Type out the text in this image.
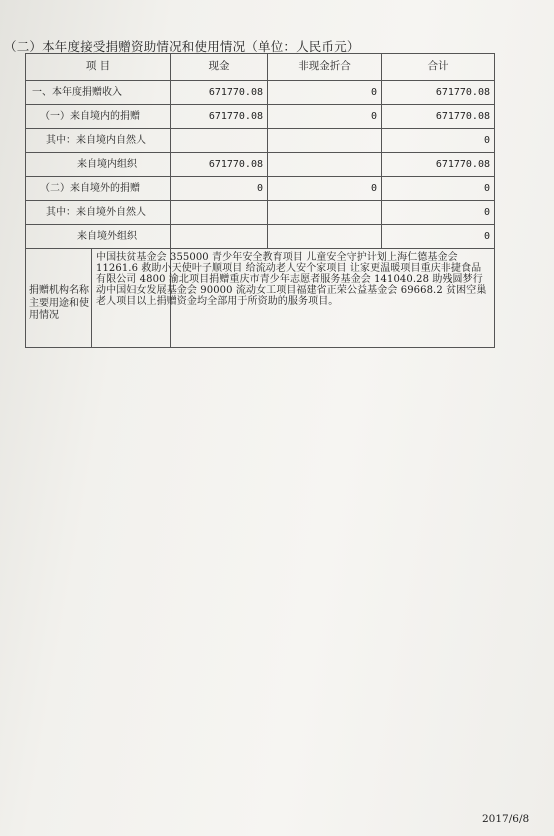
（二）本年度接受捐赠资助情况和使用情况（单位：人民币元）
项 目	现金	非现金折合	合计
一、本年度捐赠收入	671770.08	0	671770.08
（一）来自境内的捐赠	671770.08	0	671770.08
其中：来自境内自然人			0
来自境内组织	671770.08		671770.08
（二）来自境外的捐赠	0	0	0
其中：来自境外自然人			0
来自境外组织			0

捐赠机构名称主要用途和使用情况	中国扶贫基金会 355000 青少年安全教育项目 儿童安全守护计划上海仁德基金会 11261.6 救助小天使叶子顺项目 给流动老人安个家项目 让家更温暖项目重庆非捷食品有限公司 4800 渝北项目捐赠重庆市青少年志愿者服务基金会 141040.28 助残圆梦行动中国妇女发展基金会 90000 流动女工项目福建省正荣公益基金会 69668.2 贫困空巢老人项目以上捐赠资金均全部用于所资助的服务项目。		
2017/6/8
